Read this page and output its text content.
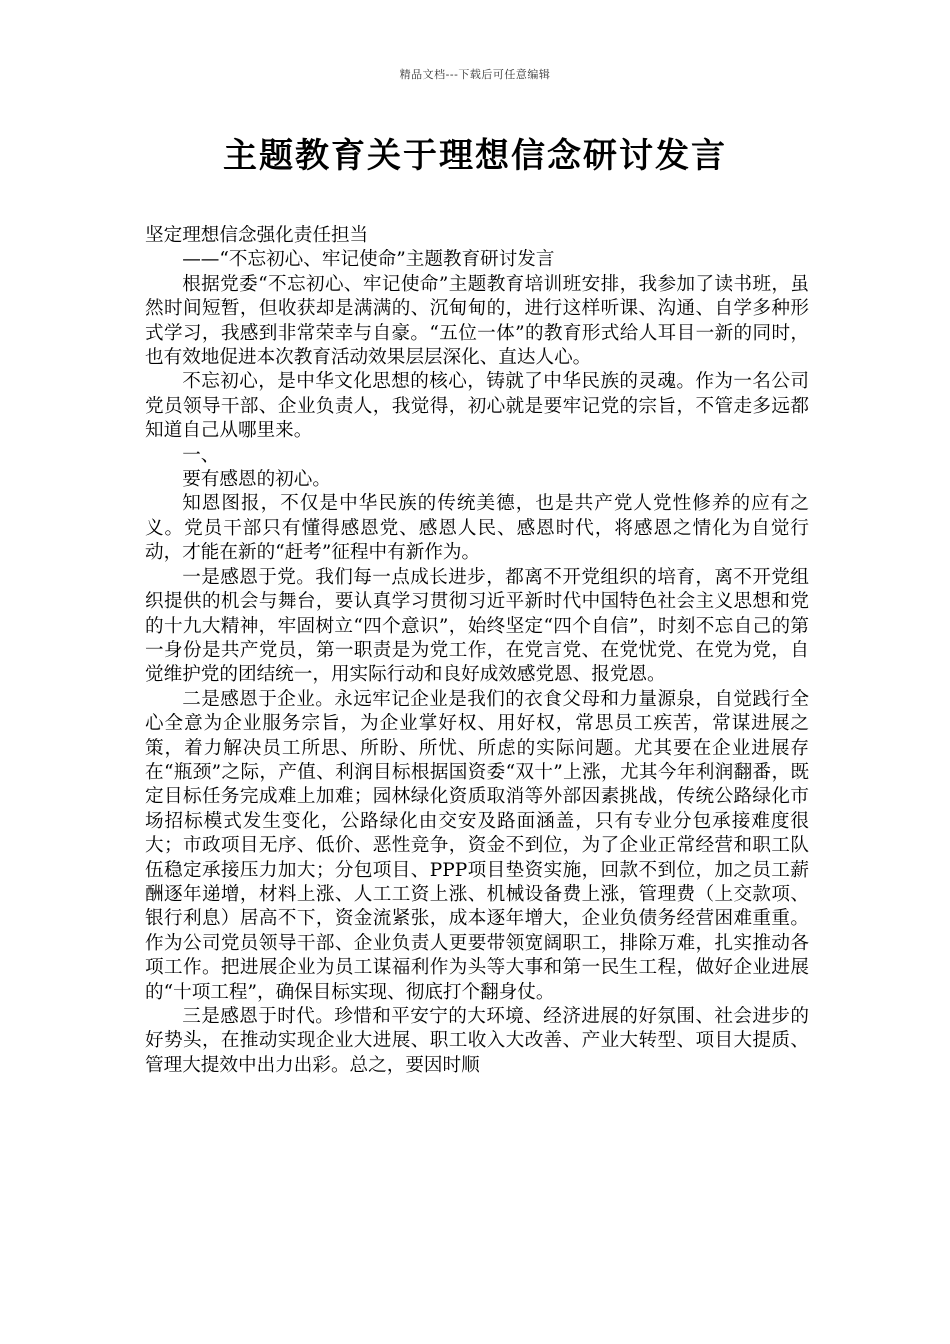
精品文档---下载后可任意编辑
主题教育关于理想信念研讨发言

坚定理想信念强化责任担当

——“不忘初心、牢记使命”主题教育研讨发言

根据党委“不忘初心、牢记使命”主题教育培训班安排，我参加了读书班，虽然时间短暂，但收获却是满满的、沉甸甸的，进行这样听课、沟通、自学多种形式学习，我感到非常荣幸与自豪。“五位一体”的教育形式给人耳目一新的同时，也有效地促进本次教育活动效果层层深化、直达人心。

不忘初心，是中华文化思想的核心，铸就了中华民族的灵魂。作为一名公司党员领导干部、企业负责人，我觉得，初心就是要牢记党的宗旨，不管走多远都知道自己从哪里来。

一、

要有感恩的初心。

知恩图报，不仅是中华民族的传统美德，也是共产党人党性修养的应有之义。党员干部只有懂得感恩党、感恩人民、感恩时代，将感恩之情化为自觉行动，才能在新的“赶考”征程中有新作为。

一是感恩于党。我们每一点成长进步，都离不开党组织的培育，离不开党组织提供的机会与舞台，要认真学习贯彻习近平新时代中国特色社会主义思想和党的十九大精神，牢固树立“四个意识”，始终坚定“四个自信”，时刻不忘自己的第一身份是共产党员，第一职责是为党工作，在党言党、在党忧党、在党为党，自觉维护党的团结统一，用实际行动和良好成效感党恩、报党恩。

二是感恩于企业。永远牢记企业是我们的衣食父母和力量源泉，自觉践行全心全意为企业服务宗旨，为企业掌好权、用好权，常思员工疾苦，常谋进展之策，着力解决员工所思、所盼、所忧、所虑的实际问题。尤其要在企业进展存在“瓶颈”之际，产值、利润目标根据国资委“双十”上涨，尤其今年利润翻番，既定目标任务完成难上加难；园林绿化资质取消等外部因素挑战，传统公路绿化市场招标模式发生变化，公路绿化由交安及路面涵盖，只有专业分包承接难度很大；市政项目无序、低价、恶性竞争，资金不到位，为了企业正常经营和职工队伍稳定承接压力加大；分包项目、PPP项目垫资实施，回款不到位，加之员工薪酬逐年递增，材料上涨、人工工资上涨、机械设备费上涨，管理费（上交款项、银行利息）居高不下，资金流紧张，成本逐年增大，企业负债务经营困难重重。作为公司党员领导干部、企业负责人更要带领宽阔职工，排除万难，扎实推动各项工作。把进展企业为员工谋福利作为头等大事和第一民生工程，做好企业进展的“十项工程”，确保目标实现、彻底打个翻身仗。

三是感恩于时代。珍惜和平安宁的大环境、经济进展的好氛围、社会进步的好势头，在推动实现企业大进展、职工收入大改善、产业大转型、项目大提质、管理大提效中出力出彩。总之，要因时顺
